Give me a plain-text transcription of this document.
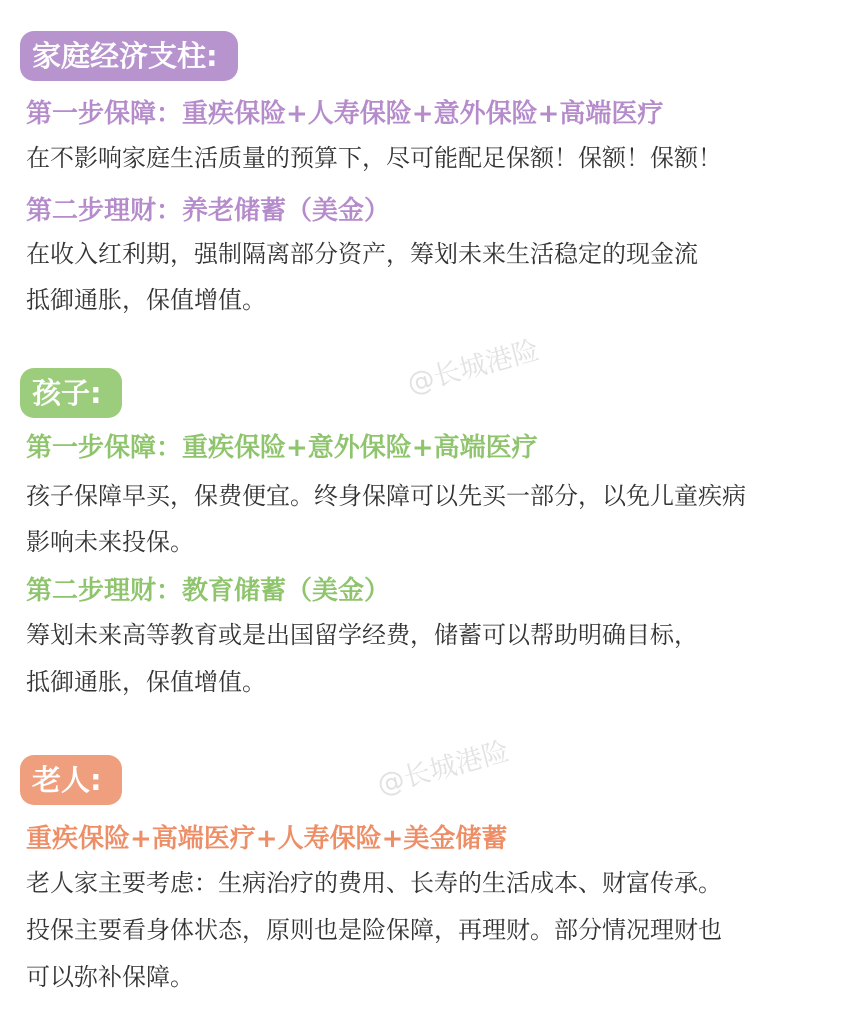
家庭经济支柱:
第一步保障：重疾保险+人寿保险+意外保险+高端医疗
在不影响家庭生活质量的预算下，尽可能配足保额！保额！保额！
第二步理财：养老储蓄（美金）
在收入红利期，强制隔离部分资产，筹划未来生活稳定的现金流
抵御通胀，保值增值。
@长城港险
孩子:
第一步保障：重疾保险+意外保险+高端医疗
孩子保障早买，保费便宜。终身保障可以先买一部分，以免儿童疾病
影响未来投保。
第二步理财：教育储蓄（美金）
筹划未来高等教育或是出国留学经费，储蓄可以帮助明确目标，
抵御通胀，保值增值。
@长城港险
老人:
重疾保险+高端医疗+人寿保险+美金储蓄
老人家主要考虑：生病治疗的费用、长寿的生活成本、财富传承。
投保主要看身体状态，原则也是险保障，再理财。部分情况理财也
可以弥补保障。
